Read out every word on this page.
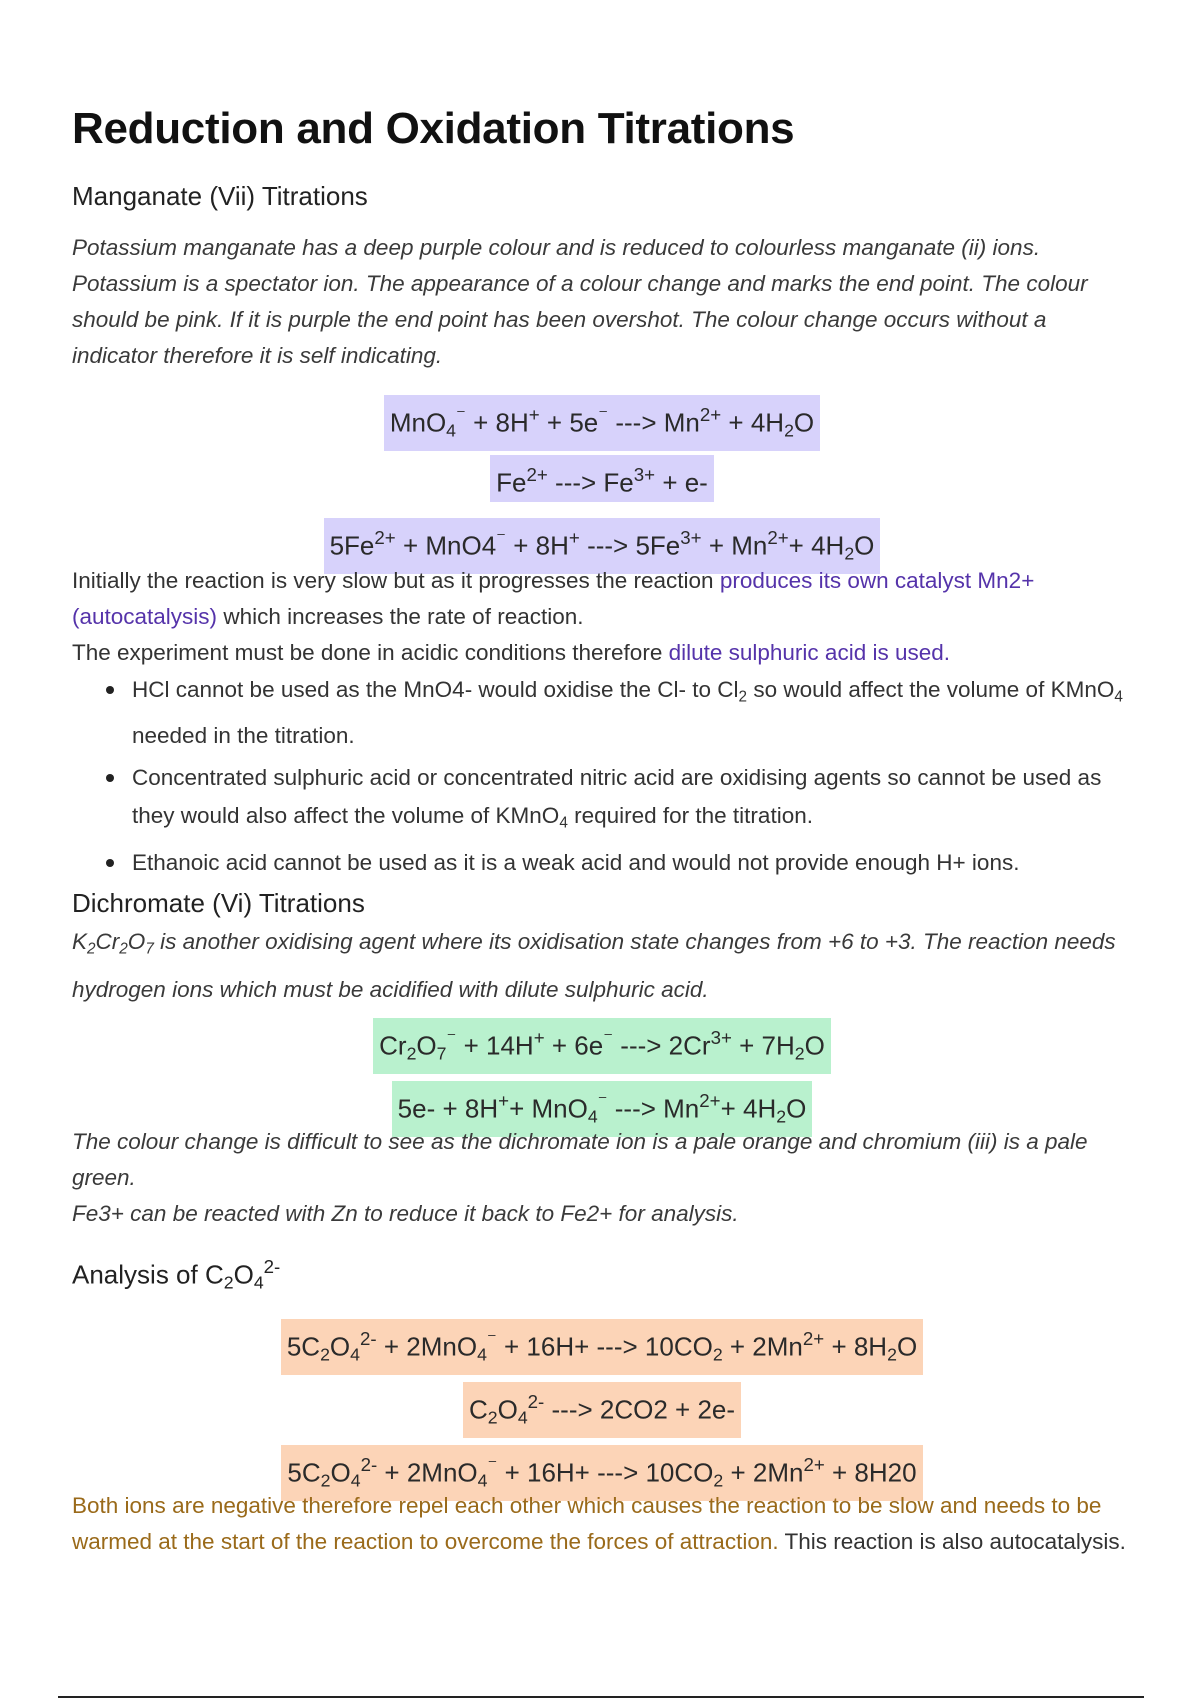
Reduction and Oxidation Titrations
Manganate (Vii) Titrations
Potassium manganate has a deep purple colour and is reduced to colourless manganate (ii) ions. Potassium is a spectator ion. The appearance of a colour change and marks the end point. The colour should be pink. If it is purple the end point has been overshot. The colour change occurs without a indicator therefore it is self indicating.
MnO$_4$⁻ + 8H+ + 5e⁻ ---> $Mn^{2+} + 4H_2O$
$Fe^{2+}$ ---> $Fe^{3+} + e-$
$5Fe^{2+} + MnO4^{^-} + 8H^+$ ---> $5Fe^{3+} + Mn^{2+}+ 4H_2O$
Initially the reaction is very slow but as it progresses the reaction produces its own catalyst Mn2+ (autocatalysis) which increases the rate of reaction.
The experiment must be done in acidic conditions therefore dilute sulphuric acid is used.
HCl cannot be used as the MnO4- would oxidise the Cl- to $Cl_2$ so would affect the volume of KMnO$_4$ needed in the titration.
Concentrated sulphuric acid or concentrated nitric acid are oxidising agents so cannot be used as they would also affect the volume of KMnO$_4$ required for the titration.
Ethanoic acid cannot be used as it is a weak acid and would not provide enough H+ ions.
Dichromate (Vi) Titrations
$K_2Cr_2O_7$ is another oxidising agent where its oxidisation state changes from +6 to +3. The reaction needs hydrogen ions which must be acidified with dilute sulphuric acid.
$Cr_2O_7^{^-} + 14H^+ + 6e^{^-}$ ---> $2Cr^{3+} + 7H_2O$
5e- + 8H++ MnO$_4$⁻ ---> $Mn^{2+}+ 4H_2O$
The colour change is difficult to see as the dichromate ion is a pale orange and chromium (iii) is a pale green.
Fe3+ can be reacted with Zn to reduce it back to Fe2+ for analysis.
Analysis of $C_2O_4^{2-}$
$5C_2O_4^{2-} + 2MnO_4^{^-} + 16H+$ ---> $10CO_2 + 2Mn^{2+} + 8H_2O$
$C_2O_4^{2-}$ ---> 2CO2 + 2e-
$5C_2O_4^{2-} + 2MnO_4^{^-} + 16H+$ ---> $10CO_2 + 2Mn^{2+} + 8H20$
Both ions are negative therefore repel each other which causes the reaction to be slow and needs to be warmed at the start of the reaction to overcome the forces of attraction. This reaction is also autocatalysis.
